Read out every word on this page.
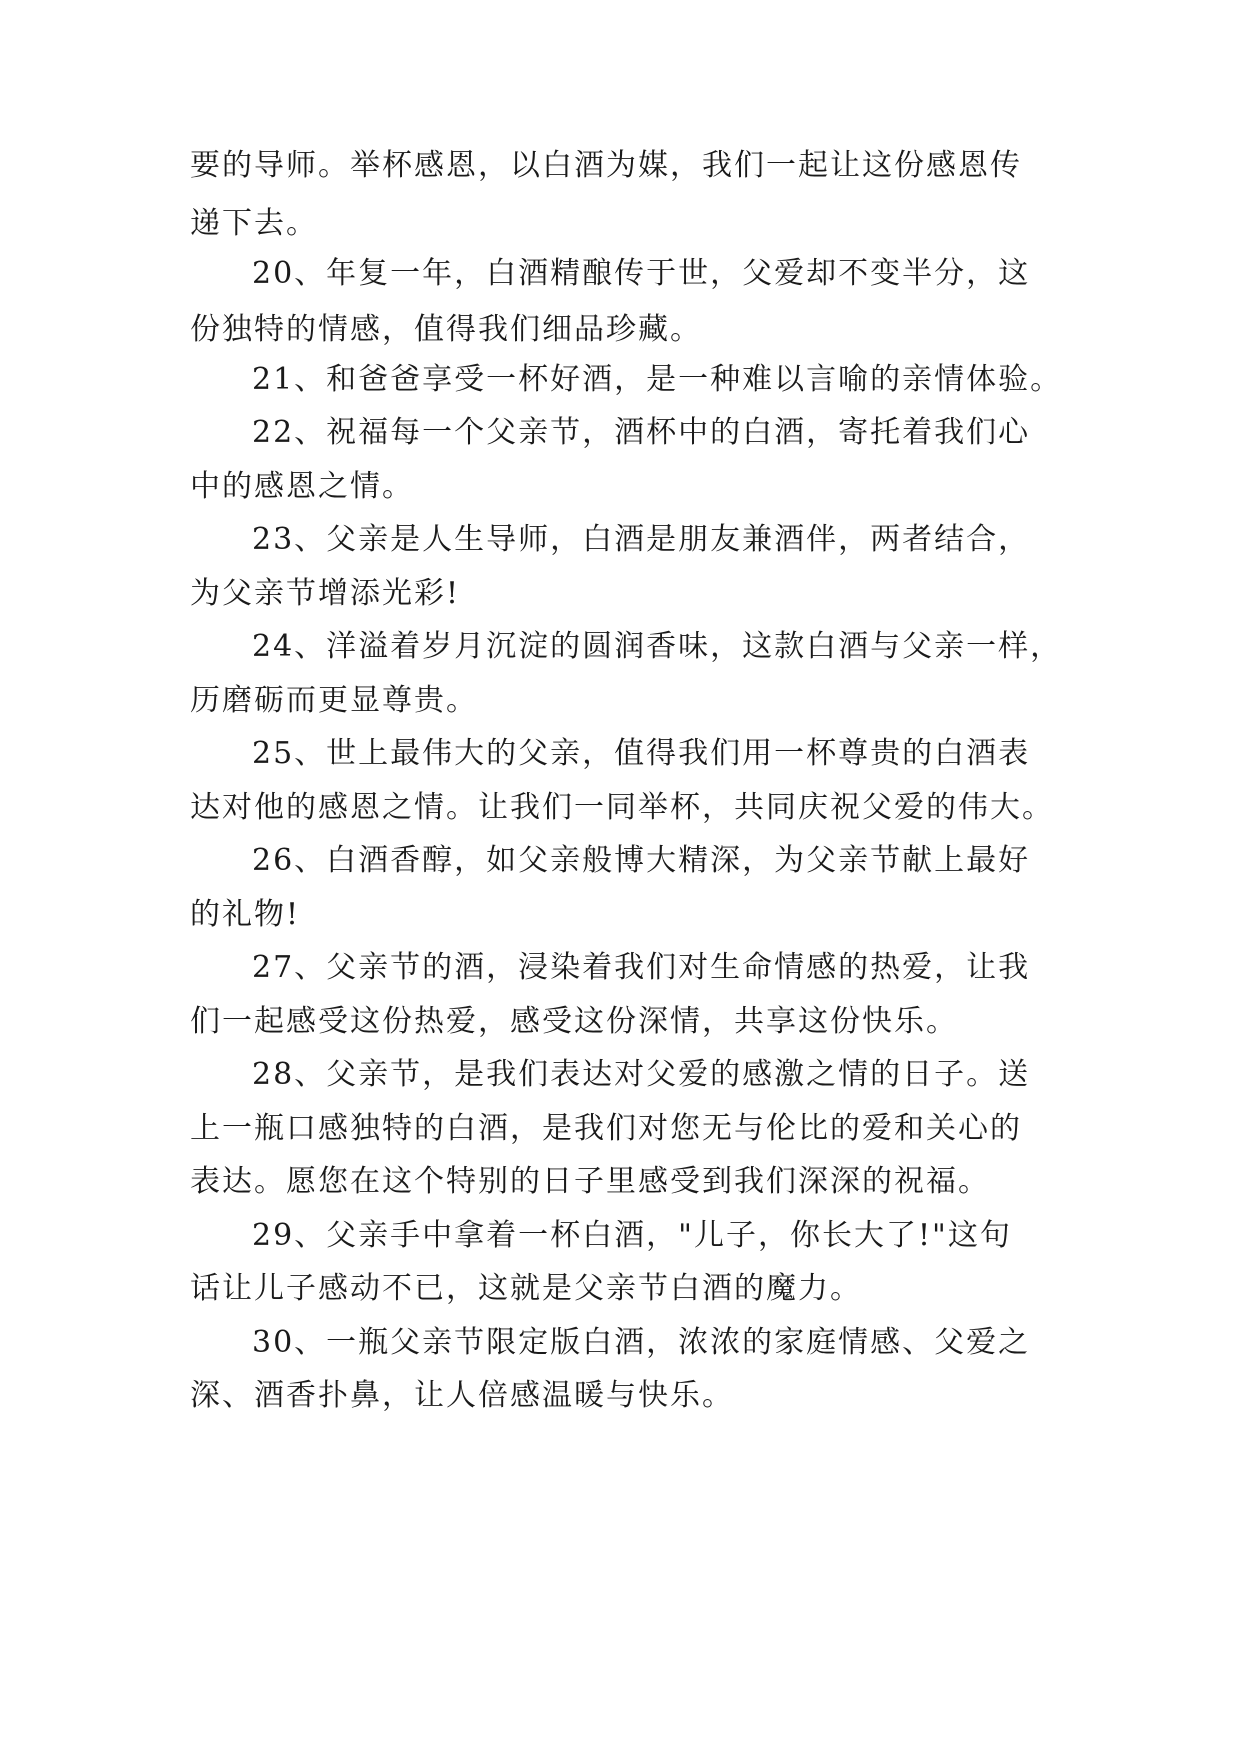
要的导师。举杯感恩，以白酒为媒，我们一起让这份感恩传
递下去。
20、年复一年，白酒精酿传于世，父爱却不变半分，这
份独特的情感，值得我们细品珍藏。
21、和爸爸享受一杯好酒，是一种难以言喻的亲情体验。
22、祝福每一个父亲节，酒杯中的白酒，寄托着我们心
中的感恩之情。
23、父亲是人生导师，白酒是朋友兼酒伴，两者结合，
为父亲节增添光彩!
24、洋溢着岁月沉淀的圆润香味，这款白酒与父亲一样，
历磨砺而更显尊贵。
25、世上最伟大的父亲，值得我们用一杯尊贵的白酒表
达对他的感恩之情。让我们一同举杯，共同庆祝父爱的伟大。
26、白酒香醇，如父亲般博大精深，为父亲节献上最好
的礼物!
27、父亲节的酒，浸染着我们对生命情感的热爱，让我
们一起感受这份热爱，感受这份深情，共享这份快乐。
28、父亲节，是我们表达对父爱的感激之情的日子。送
上一瓶口感独特的白酒，是我们对您无与伦比的爱和关心的
表达。愿您在这个特别的日子里感受到我们深深的祝福。
29、父亲手中拿着一杯白酒，"儿子，你长大了!"这句
话让儿子感动不已，这就是父亲节白酒的魔力。
30、一瓶父亲节限定版白酒，浓浓的家庭情感、父爱之
深、酒香扑鼻，让人倍感温暖与快乐。
